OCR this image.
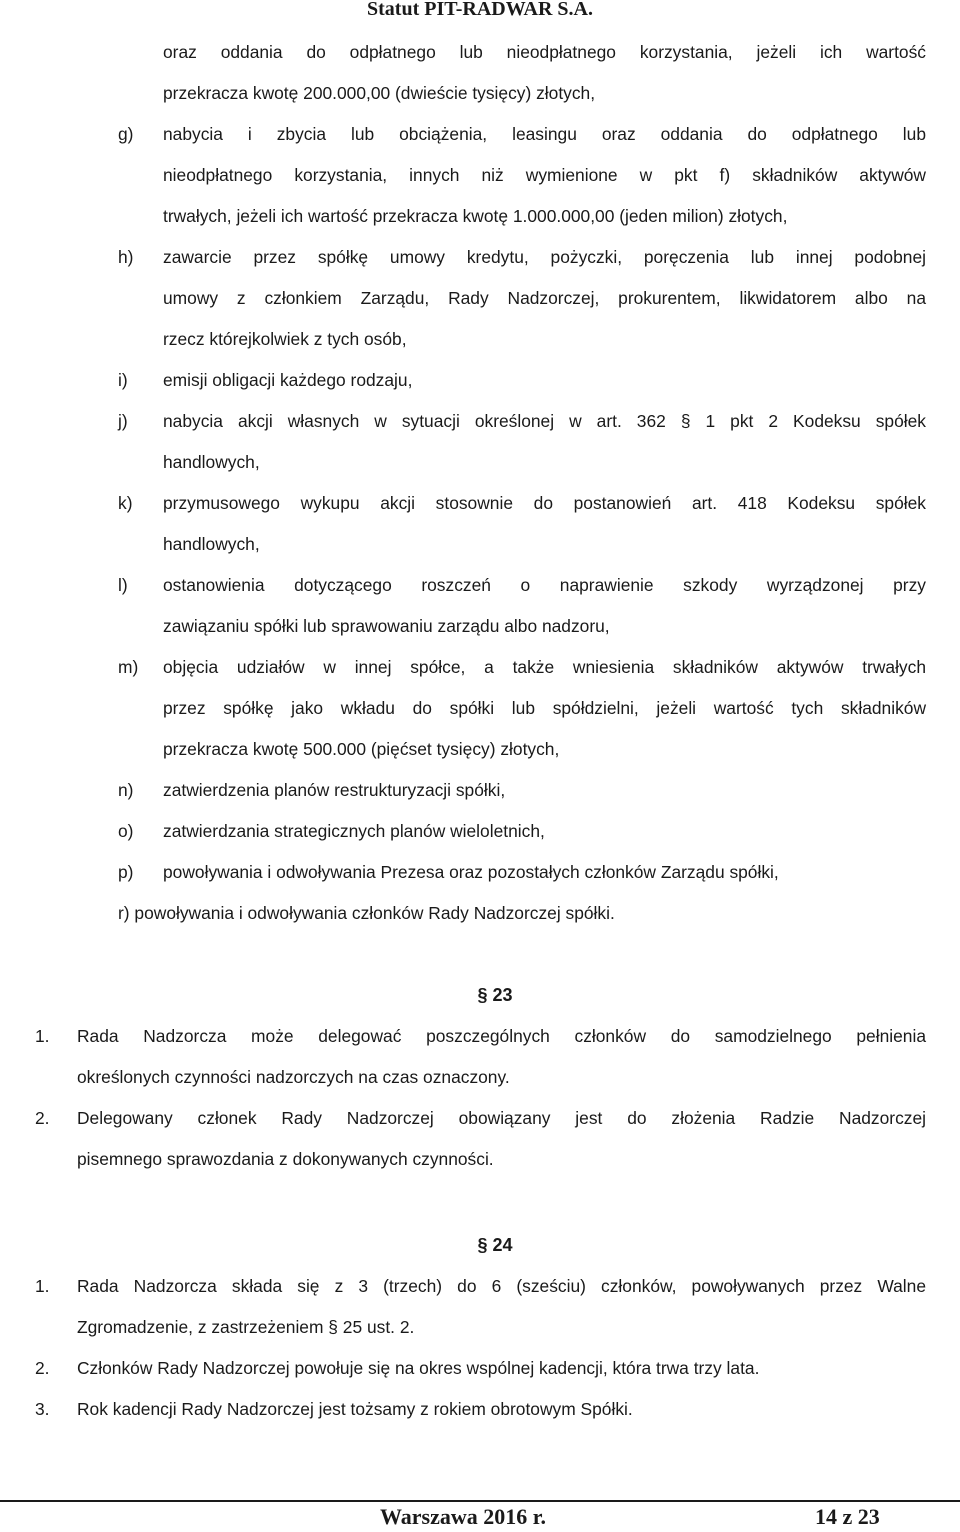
Statut PIT-RADWAR S.A.
oraz oddania do odpłatnego lub nieodpłatnego korzystania, jeżeli ich wartość
przekracza kwotę 200.000,00 (dwieście tysięcy) złotych,
g) nabycia i zbycia lub obciążenia, leasingu oraz oddania do odpłatnego lub
nieodpłatnego korzystania, innych niż wymienione w pkt f) składników aktywów
trwałych, jeżeli ich wartość przekracza kwotę 1.000.000,00 (jeden milion) złotych,
h) zawarcie przez spółkę umowy kredytu, pożyczki, poręczenia lub innej podobnej
umowy z członkiem Zarządu, Rady Nadzorczej, prokurentem, likwidatorem albo na
rzecz którejkolwiek z tych osób,
i) emisji obligacji każdego rodzaju,
j) nabycia akcji własnych w sytuacji określonej w art. 362 § 1 pkt 2 Kodeksu spółek
handlowych,
k) przymusowego wykupu akcji stosownie do postanowień art. 418 Kodeksu spółek
handlowych,
l) ostanowienia dotyczącego roszczeń o naprawienie szkody wyrządzonej przy
zawiązaniu spółki lub sprawowaniu zarządu albo nadzoru,
m) objęcia udziałów w innej spółce, a także wniesienia składników aktywów trwałych
przez spółkę jako wkładu do spółki lub spółdzielni, jeżeli wartość tych składników
przekracza kwotę 500.000 (pięćset tysięcy) złotych,
n) zatwierdzenia planów restrukturyzacji spółki,
o) zatwierdzania strategicznych planów wieloletnich,
p) powoływania i odwoływania Prezesa oraz pozostałych członków Zarządu spółki,
r) powoływania i odwoływania członków Rady Nadzorczej spółki.
§ 23
1. Rada Nadzorcza może delegować poszczególnych członków do samodzielnego pełnienia
określonych czynności nadzorczych na czas oznaczony.
2. Delegowany członek Rady Nadzorczej obowiązany jest do złożenia Radzie Nadzorczej
pisemnego sprawozdania z dokonywanych czynności.
§ 24
1. Rada Nadzorcza składa się z 3 (trzech) do 6 (sześciu) członków, powoływanych przez Walne
Zgromadzenie, z zastrzeżeniem § 25 ust. 2.
2. Członków Rady Nadzorczej powołuje się na okres wspólnej kadencji, która trwa trzy lata.
3. Rok kadencji Rady Nadzorczej jest tożsamy z rokiem obrotowym Spółki.
Warszawa 2016 r.	14 z 23
